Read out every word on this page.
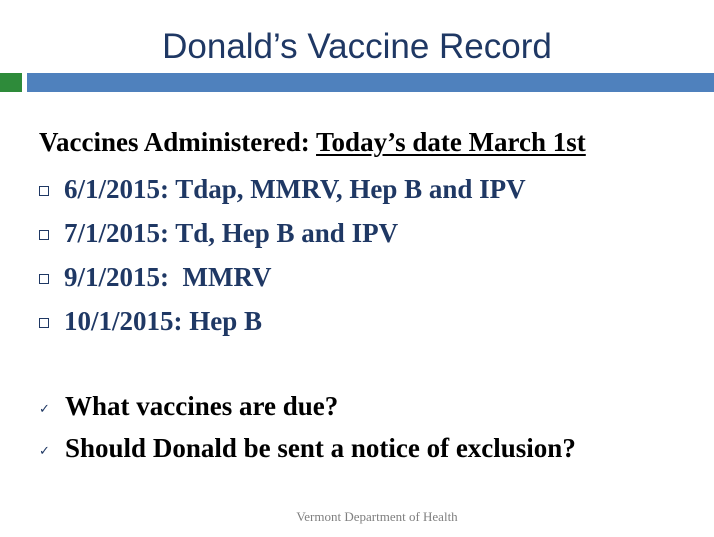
Donald’s Vaccine Record
Vaccines Administered: Today’s date March 1st
6/1/2015: Tdap, MMRV, Hep B and IPV
7/1/2015: Td, Hep B and IPV
9/1/2015:  MMRV
10/1/2015: Hep B
✓ What vaccines are due?
✓ Should Donald be sent a notice of exclusion?
Vermont Department of Health
